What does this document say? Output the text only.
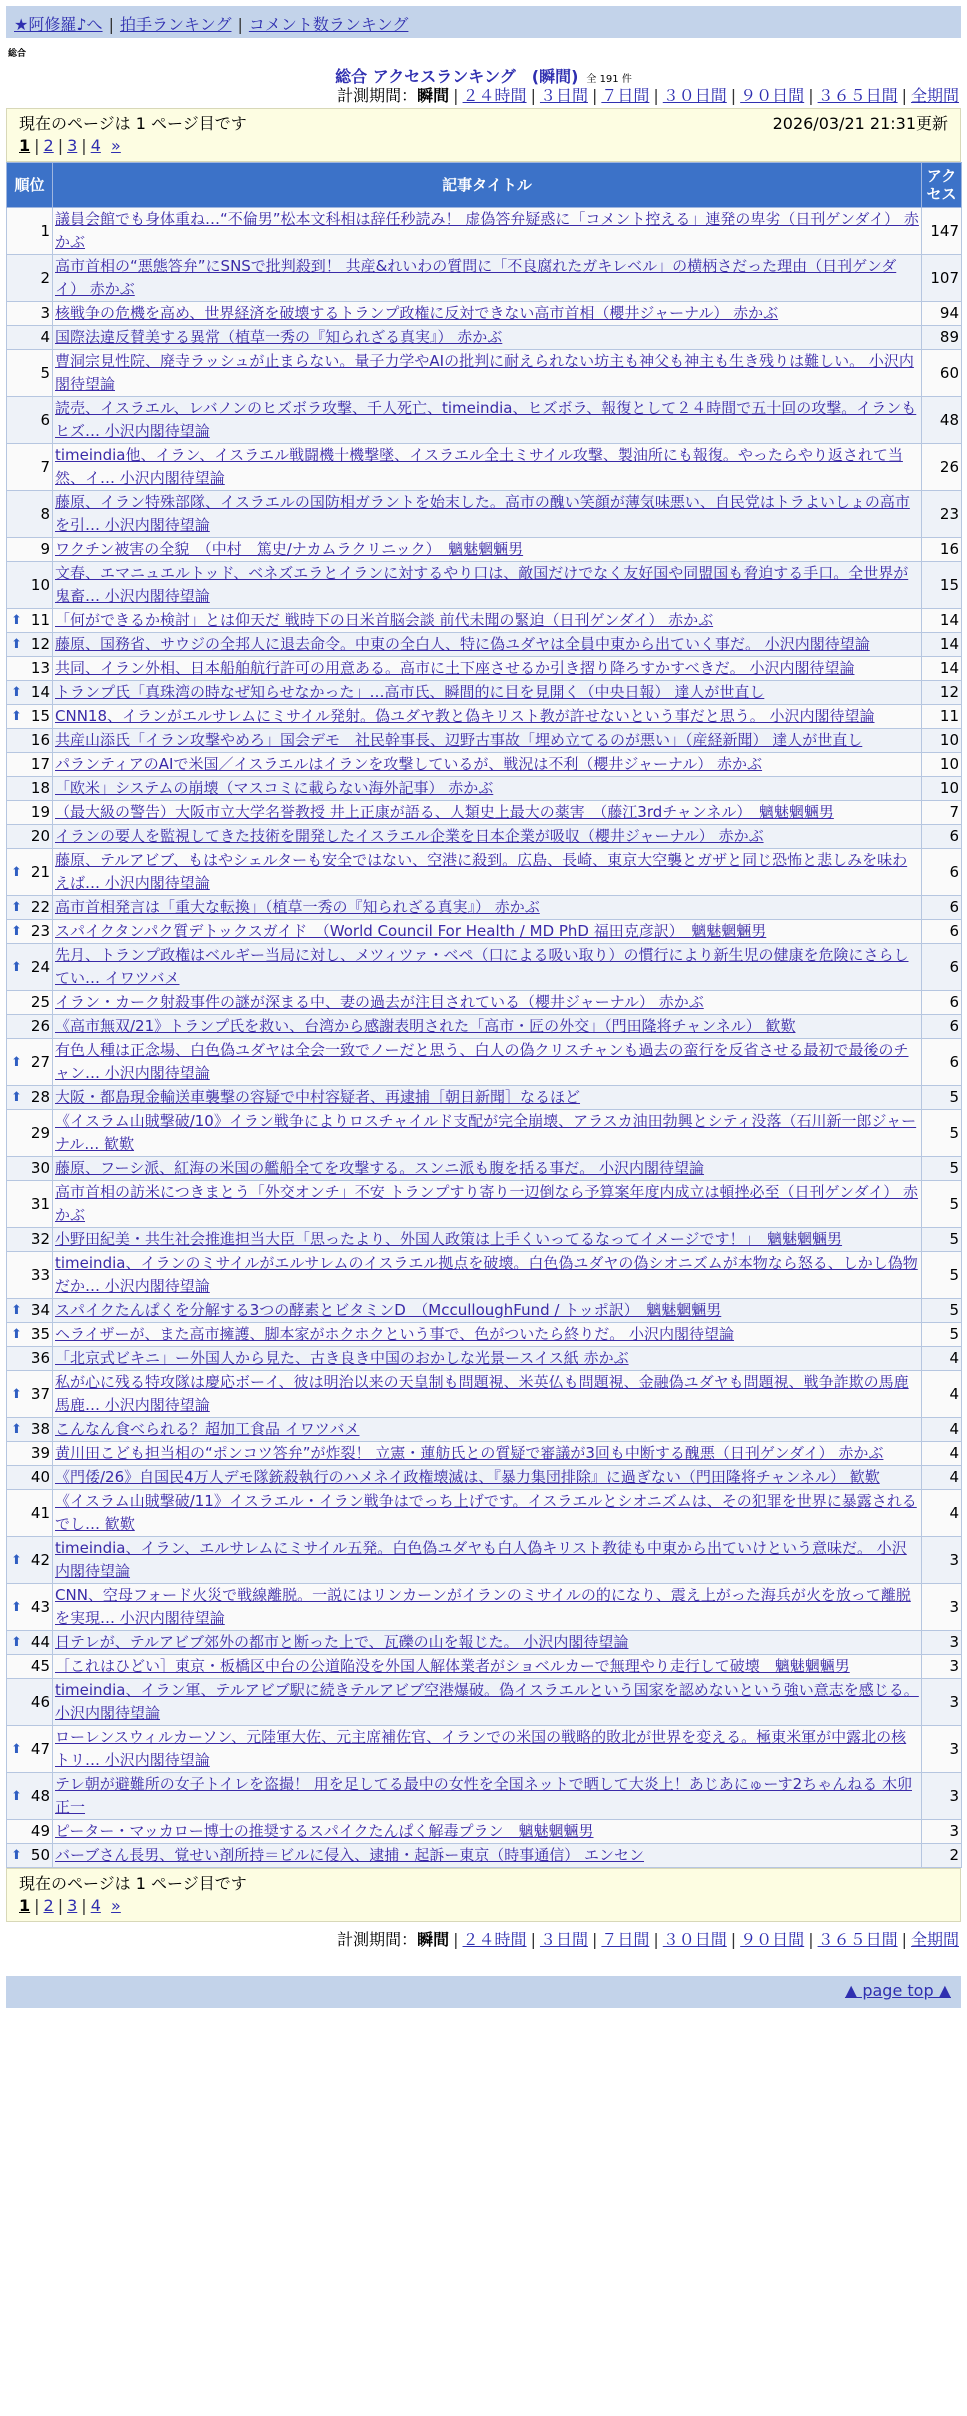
★阿修羅♪へ | 拍手ランキング | コメント数ランキング
総合
総合 アクセスランキング　(瞬間) 全 191 件
計測期間：瞬間 | ２４時間 | ３日間 | ７日間 | ３０日間 | ９０日間 | ３６５日間 | 全期間
現在のページは 1 ページ目です	2026/03/21 21:31更新
1 | 2 | 3 | 4 »
順位	記事タイトル	アクセス
1	議員会館でも身体重ね…“不倫男”松本文科相は辞任秒読み！ 虚偽答弁疑惑に「コメント控える」連発の卑劣（日刊ゲンダイ） 赤かぶ	147
2	高市首相の“悪態答弁”にSNSで批判殺到！ 共産&れいわの質問に「不良腐れたガキレベル」の横柄さだった理由（日刊ゲンダイ） 赤かぶ	107
3	核戦争の危機を高め、世界経済を破壊するトランプ政権に反対できない高市首相（櫻井ジャーナル） 赤かぶ	94
4	国際法違反賛美する異常（植草一秀の『知られざる真実』） 赤かぶ	89
5	曹洞宗見性院、廃寺ラッシュが止まらない。量子力学やAIの批判に耐えられない坊主も神父も神主も生き残りは難しい。 小沢内閣待望論	60
6	読売、イスラエル、レバノンのヒズボラ攻撃、千人死亡、timeindia、ヒズボラ、報復として２４時間で五十回の攻撃。イランもヒズ… 小沢内閣待望論	48
7	timeindia他、イラン、イスラエル戦闘機十機撃墜、イスラエル全土ミサイル攻撃、製油所にも報復。やったらやり返されて当然、イ… 小沢内閣待望論	26
8	藤原、イラン特殊部隊、イスラエルの国防相ガラントを始末した。高市の醜い笑顔が薄気味悪い、自民党はトラよいしょの高市を引… 小沢内閣待望論	23
9	ワクチン被害の全貌　（中村　篤史/ナカムラクリニック）　魑魅魍魎男	16
10	文春、エマニュエルトッド、ベネズエラとイランに対するやり口は、敵国だけでなく友好国や同盟国も脅迫する手口。全世界が鬼畜… 小沢内閣待望論	15

⬆ 11	「何ができるか検討」とは仰天だ 戦時下の日米首脳会談 前代未聞の緊迫（日刊ゲンダイ） 赤かぶ	14

⬆ 12	藤原、国務省、サウジの全邦人に退去命令。中東の全白人、特に偽ユダヤは全員中東から出ていく事だ。 小沢内閣待望論	14
13	共同、イラン外相、日本船舶航行許可の用意ある。高市に土下座させるか引き摺り降ろすかすべきだ。 小沢内閣待望論	14

⬆ 14	トランプ氏「真珠湾の時なぜ知らせなかった」…高市氏、瞬間的に目を見開く（中央日報） 達人が世直し	12

⬆ 15	CNN18、イランがエルサレムにミサイル発射。偽ユダヤ教と偽キリスト教が許せないという事だと思う。 小沢内閣待望論	11
16	共産山添氏「イラン攻撃やめろ」国会デモ　社民幹事長、辺野古事故「埋め立てるのが悪い」（産経新聞） 達人が世直し	10
17	パランティアのAIで米国／イスラエルはイランを攻撃しているが、戦況は不利（櫻井ジャーナル） 赤かぶ	10
18	「欧米」システムの崩壊（マスコミに載らない海外記事） 赤かぶ	10
19	（最大級の警告）大阪市立大学名誉教授 井上正康が語る、人類史上最大の薬害　（藤江3rdチャンネル）　魑魅魍魎男	7
20	イランの要人を監視してきた技術を開発したイスラエル企業を日本企業が吸収（櫻井ジャーナル） 赤かぶ	6

⬆ 21	藤原、テルアビブ、もはやシェルターも安全ではない、空港に殺到。広島、長崎、東京大空襲とガザと同じ恐怖と悲しみを味わえば… 小沢内閣待望論	6

⬆ 22	高市首相発言は「重大な転換」（植草一秀の『知られざる真実』） 赤かぶ	6

⬆ 23	スパイクタンパク質デトックスガイド　（World Council For Health / MD PhD 福田克彦訳）　魑魅魍魎男	6

⬆ 24	先月、トランプ政権はベルギー当局に対し、メツィツァ・ベペ（口による吸い取り）の慣行により新生児の健康を危険にさらしてい… イワツバメ	6
25	イラン・カーク射殺事件の謎が深まる中、妻の過去が注目されている（櫻井ジャーナル） 赤かぶ	6
26	《高市無双/21》トランプ氏を救い、台湾から感謝表明された「高市・匠の外交」（門田隆将チャンネル） 歓歎	6

⬆ 27	有色人種は正念場、白色偽ユダヤは全会一致でノーだと思う、白人の偽クリスチャンも過去の蛮行を反省させる最初で最後のチャン… 小沢内閣待望論	6

⬆ 28	大阪・都島現金輸送車襲撃の容疑で中村容疑者、再逮捕［朝日新聞］なるほど	5
29	《イスラム山賊撃破/10》イラン戦争によりロスチャイルド支配が完全崩壊、アラスカ油田勃興とシティ没落（石川新一郎ジャーナル… 歓歎	5
30	藤原、フーシ派、紅海の米国の艦船全てを攻撃する。スンニ派も腹を括る事だ。 小沢内閣待望論	5
31	高市首相の訪米につきまとう「外交オンチ」不安 トランプすり寄り一辺倒なら予算案年度内成立は頓挫必至（日刊ゲンダイ） 赤かぶ	5
32	小野田紀美・共生社会推進担当大臣「思ったより、外国人政策は上手くいってるなってイメージです！」　魑魅魍魎男	5
33	timeindia、イランのミサイルがエルサレムのイスラエル拠点を破壊。白色偽ユダヤの偽シオニズムが本物なら怒る、しかし偽物だか… 小沢内閣待望論	5

⬆ 34	スパイクたんぱくを分解する3つの酵素とビタミンD　（McculloughFund / トッポ訳）　魑魅魍魎男	5

⬆ 35	ヘライザーが、また高市擁護、脚本家がホクホクという事で、色がついたら終りだ。 小沢内閣待望論	5
36	「北京式ビキニ」ー外国人から見た、古き良き中国のおかしな光景ースイス紙 赤かぶ	4

⬆ 37	私が心に残る特攻隊は慶応ボーイ、彼は明治以来の天皇制も問題視、米英仏も問題視、金融偽ユダヤも問題視、戦争詐欺の馬鹿馬鹿… 小沢内閣待望論	4

⬆ 38	こんなん食べられる？超加工食品 イワツバメ	4
39	黄川田こども担当相の“ポンコツ答弁”が炸裂！ 立憲・蓮舫氏との質疑で審議が3回も中断する醜悪（日刊ゲンダイ） 赤かぶ	4
40	《門倭/26》自国民4万人デモ隊銃殺執行のハメネイ政権壊滅は、『暴力集団排除』に過ぎない（門田隆将チャンネル） 歓歎	4
41	《イスラム山賊撃破/11》イスラエル・イラン戦争はでっち上げです。イスラエルとシオニズムは、その犯罪を世界に暴露されるでし… 歓歎	4

⬆ 42	timeindia、イラン、エルサレムにミサイル五発。白色偽ユダヤも白人偽キリスト教徒も中東から出ていけという意味だ。 小沢内閣待望論	3

⬆ 43	CNN、空母フォード火災で戦線離脱。一説にはリンカーンがイランのミサイルの的になり、震え上がった海兵が火を放って離脱を実現… 小沢内閣待望論	3

⬆ 44	日テレが、テルアビブ郊外の都市と断った上で、瓦礫の山を報じた。 小沢内閣待望論	3
45	［これはひどい］東京・板橋区中台の公道陥没を外国人解体業者がショベルカーで無理やり走行して破壊　魑魅魍魎男	3
46	timeindia、イラン軍、テルアビブ駅に続きテルアビブ空港爆破。偽イスラエルという国家を認めないという強い意志を感じる。 小沢内閣待望論	3

⬆ 47	ローレンスウィルカーソン、元陸軍大佐、元主席補佐官、イランでの米国の戦略的敗北が世界を変える。極東米軍が中露北の核トリ… 小沢内閣待望論	3

⬆ 48	テレ朝が避難所の女子トイレを盗撮！ 用を足してる最中の女性を全国ネットで晒して大炎上！あじあにゅーす2ちゃんねる 木卯正一	3
49	ピーター・マッカロー博士の推奨するスパイクたんぱく解毒プラン　魑魅魍魎男	3

⬆ 50	バーブさん長男、覚せい剤所持＝ビルに侵入、逮捕・起訴ー東京（時事通信） エンセン	2
現在のページは 1 ページ目です
1 | 2 | 3 | 4 »
計測期間：瞬間 | ２４時間 | ３日間 | ７日間 | ３０日間 | ９０日間 | ３６５日間 | 全期間
▲ page top ▲
